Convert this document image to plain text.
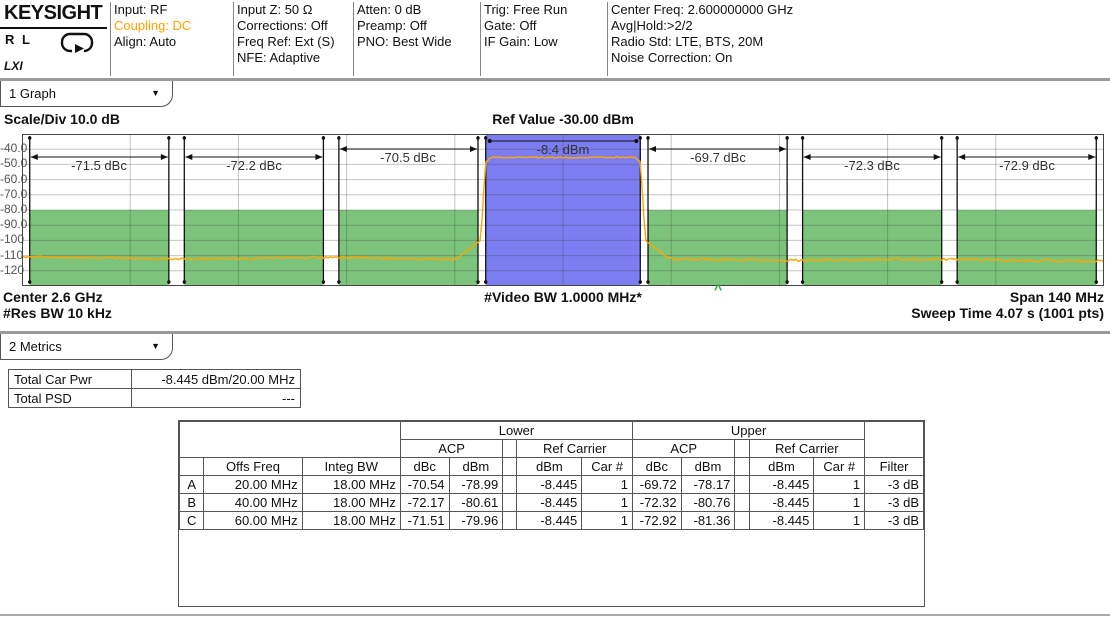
KEYSIGHT
R L
LXI
Input: RF
Coupling: DC
Align: Auto
Input Z: 50 Ω
Corrections: Off
Freq Ref: Ext (S)
NFE: Adaptive
Atten: 0 dB
Preamp: Off
PNO: Best Wide
Trig: Free Run
Gate: Off
IF Gain: Low
Center Freq: 2.600000000 GHz
Avg|Hold:>2/2
Radio Std: LTE, BTS, 20M
Noise Correction: On
1 Graph	▼
Scale/Div 10.0 dB	Ref Value -30.00 dBm
-40.0
-50.0
-60.0
-70.0
-80.0
-90.0
-100
-110
-120
-71.5 dBc	-72.2 dBc
-70.5 dBc
-8.4 dBm
-69.7 dBc
-72.3 dBc	-72.9 dBc
^
Center 2.6 GHz	#Video BW 1.0000 MHz*	Span 140 MHz
#Res BW 10 kHz	Sweep Time 4.07 s (1001 pts)
2 Metrics	▼
Total Car Pwr	-8.445 dBm/20.00 MHz
Total PSD	---
			Lower					Upper					
			ACP			Ref Carrier		ACP			Ref Carrier		
	Offs Freq	Integ BW	dBc	dBm		dBm	Car #	dBc	dBm		dBm	Car #	Filter
A	20.00 MHz	18.00 MHz	-70.54	-78.99		-8.445	1	-69.72	-78.17		-8.445	1	-3 dB
B	40.00 MHz	18.00 MHz	-72.17	-80.61		-8.445	1	-72.32	-80.76		-8.445	1	-3 dB
C	60.00 MHz	18.00 MHz	-71.51	-79.96		-8.445	1	-72.92	-81.36		-8.445	1	-3 dB
